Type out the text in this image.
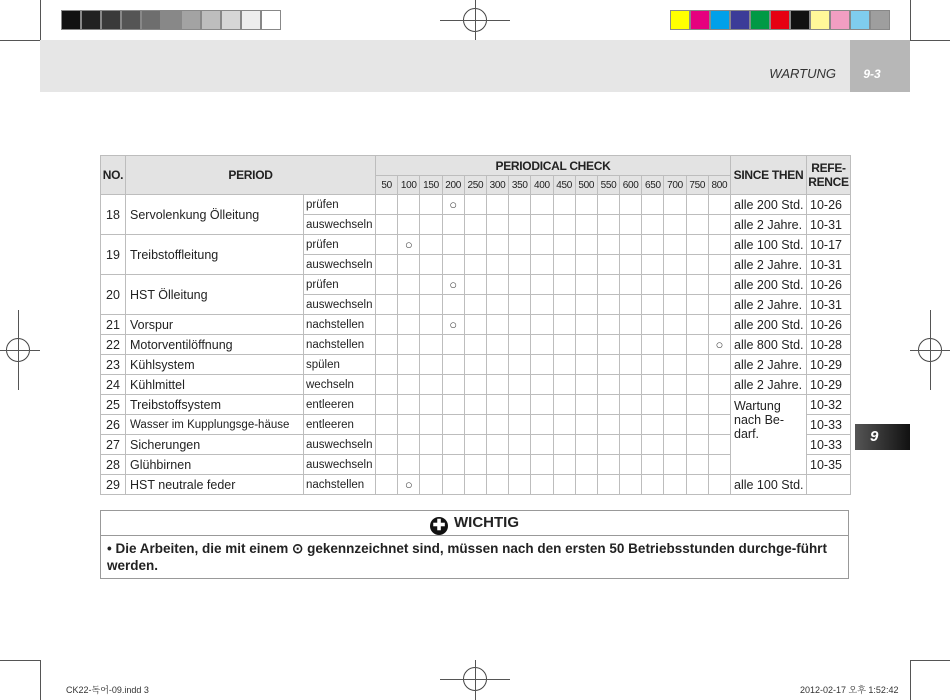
WARTUNG	9-3
9
NO.	PERIOD		PERIODICAL CHECK																SINCE THEN	REFE-
RENCE
			50	100	150	200	250	300	350	400	450	500	550	600	650	700	750	800		
18	Servolenkung Ölleitung	prüfen				○													alle 200 Std.	10-26
		auswechseln																	alle 2 Jahre.	10-31
19	Treibstoffleitung	prüfen		○															alle 100 Std.	10-17
		auswechseln																	alle 2 Jahre.	10-31
20	HST Ölleitung	prüfen				○													alle 200 Std.	10-26
		auswechseln																	alle 2 Jahre.	10-31
21	Vorspur	nachstellen				○													alle 200 Std.	10-26
22	Motorventilöffnung	nachstellen																○	alle 800 Std.	10-28
23	Kühlsystem	spülen																	alle 2 Jahre.	10-29
24	Kühlmittel	wechseln																	alle 2 Jahre.	10-29
25	Treibstoffsystem	entleeren																	Wartung nach Be-darf.	10-32
26	Wasser im Kupplungsge-häuse	entleeren																		10-33
27	Sicherungen	auswechseln																		10-33
28	Glühbirnen	auswechseln																		10-35
29	HST neutrale feder	nachstellen		○															alle 100 Std.	
✚ WICHTIG
• Die Arbeiten, die mit einem ⊙ gekennzeichnet sind, müssen nach den ersten 50 Betriebsstunden durchge-führt werden.
CK22-독어-09.indd 3	2012-02-17 오후 1:52:42
